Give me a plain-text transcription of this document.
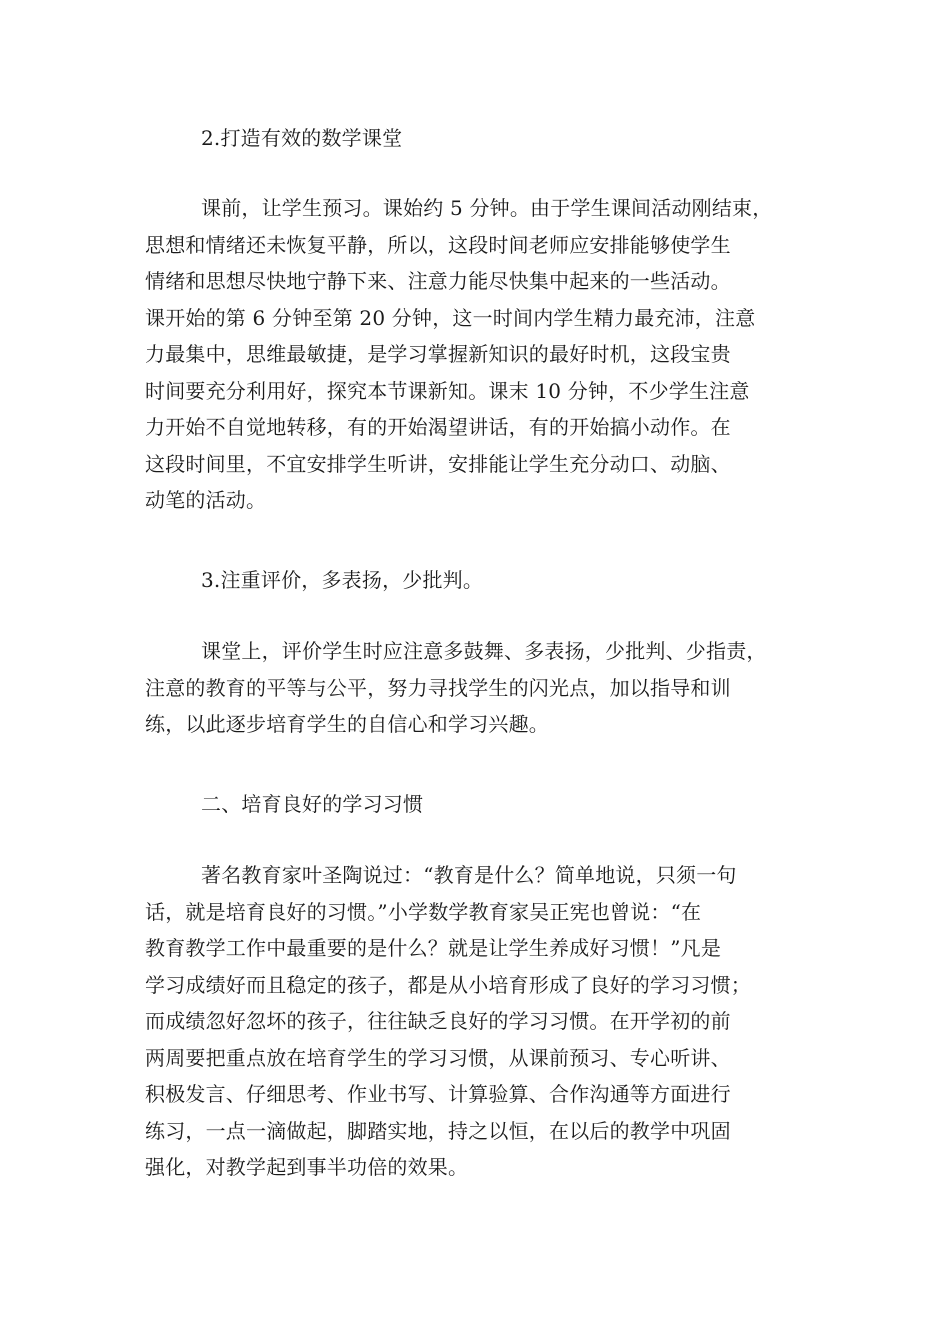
2.打造有效的数学课堂

课前，让学生预习。课始约 5 分钟。由于学生课间活动刚结束，
思想和情绪还未恢复平静，所以，这段时间老师应安排能够使学生
情绪和思想尽快地宁静下来、注意力能尽快集中起来的一些活动。
课开始的第 6 分钟至第 20 分钟，这一时间内学生精力最充沛，注意
力最集中，思维最敏捷，是学习掌握新知识的最好时机，这段宝贵
时间要充分利用好，探究本节课新知。课末 10 分钟，不少学生注意
力开始不自觉地转移，有的开始渴望讲话，有的开始搞小动作。在
这段时间里，不宜安排学生听讲，安排能让学生充分动口、动脑、
动笔的活动。

3.注重评价，多表扬，少批判。

课堂上，评价学生时应注意多鼓舞、多表扬，少批判、少指责，
注意的教育的平等与公平，努力寻找学生的闪光点，加以指导和训
练，以此逐步培育学生的自信心和学习兴趣。

二、培育良好的学习习惯

著名教育家叶圣陶说过：“教育是什么？简单地说，只须一句
话，就是培育良好的习惯。”小学数学教育家吴正宪也曾说：“在
教育教学工作中最重要的是什么？就是让学生养成好习惯！”凡是
学习成绩好而且稳定的孩子，都是从小培育形成了良好的学习习惯；
而成绩忽好忽坏的孩子，往往缺乏良好的学习习惯。在开学初的前
两周要把重点放在培育学生的学习习惯，从课前预习、专心听讲、
积极发言、仔细思考、作业书写、计算验算、合作沟通等方面进行
练习，一点一滴做起，脚踏实地，持之以恒，在以后的教学中巩固
强化，对教学起到事半功倍的效果。
